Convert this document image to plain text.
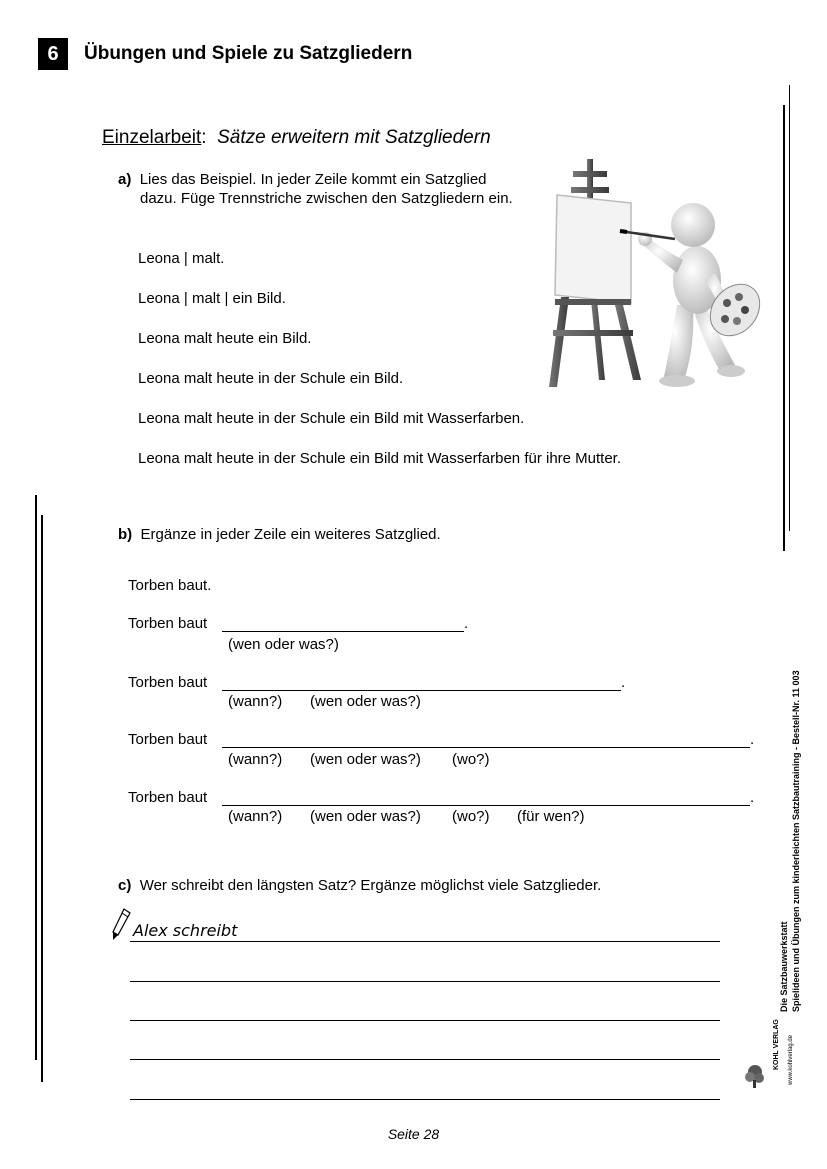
6	Übungen und Spiele zu Satzgliedern
Einzelarbeit: Sätze erweitern mit Satzgliedern
a) Lies das Beispiel. In jeder Zeile kommt ein Satzglied
dazu. Füge Trennstriche zwischen den Satzgliedern ein.
Leona | malt.
Leona | malt | ein Bild.
Leona malt heute ein Bild.
Leona malt heute in der Schule ein Bild.
Leona malt heute in der Schule ein Bild mit Wasserfarben.
Leona malt heute in der Schule ein Bild mit Wasserfarben für ihre Mutter.
b) Ergänze in jeder Zeile ein weiteres Satzglied.
Torben baut.
Torben baut	.
(wen oder was?)
Torben baut	.
(wann?) (wen oder was?)
Torben baut	.
(wann?) (wen oder was?) (wo?)
Torben baut	.
(wann?) (wen oder was?) (wo?) (für wen?)
c) Wer schreibt den längsten Satz? Ergänze möglichst viele Satzglieder.
Alex schreibt	Die Satzbauwerkstatt Spielideen und Übungen zum kinderleichten Satzbautraining - Bestell-Nr. 11 003
KOHL VERLAG www.kohlverlag.de
Seite 28
